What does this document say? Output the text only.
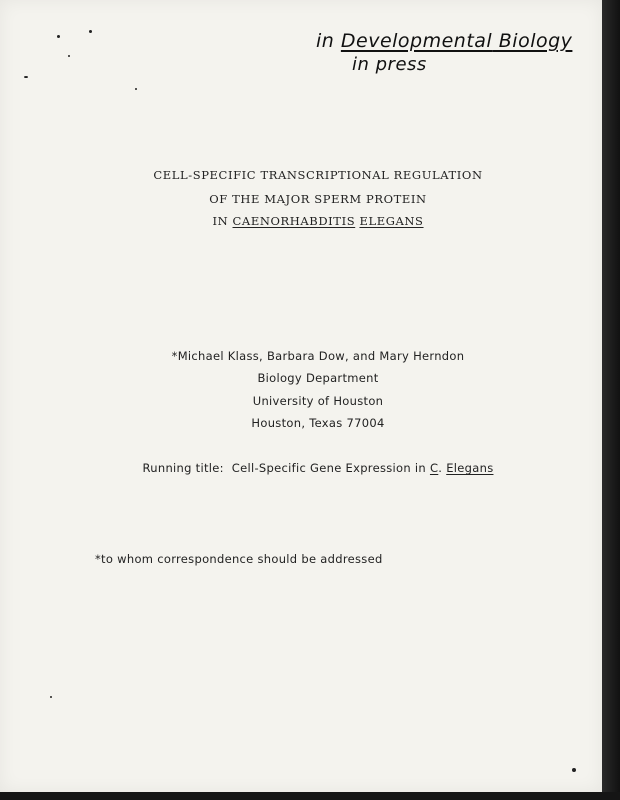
in Developmental Biology
in press
CELL-SPECIFIC TRANSCRIPTIONAL REGULATION
OF THE MAJOR SPERM PROTEIN
IN CAENORHABDITIS ELEGANS
*Michael Klass, Barbara Dow, and Mary Herndon
Biology Department
University of Houston
Houston, Texas 77004
Running title: Cell-Specific Gene Expression in C. Elegans
*to whom correspondence should be addressed
